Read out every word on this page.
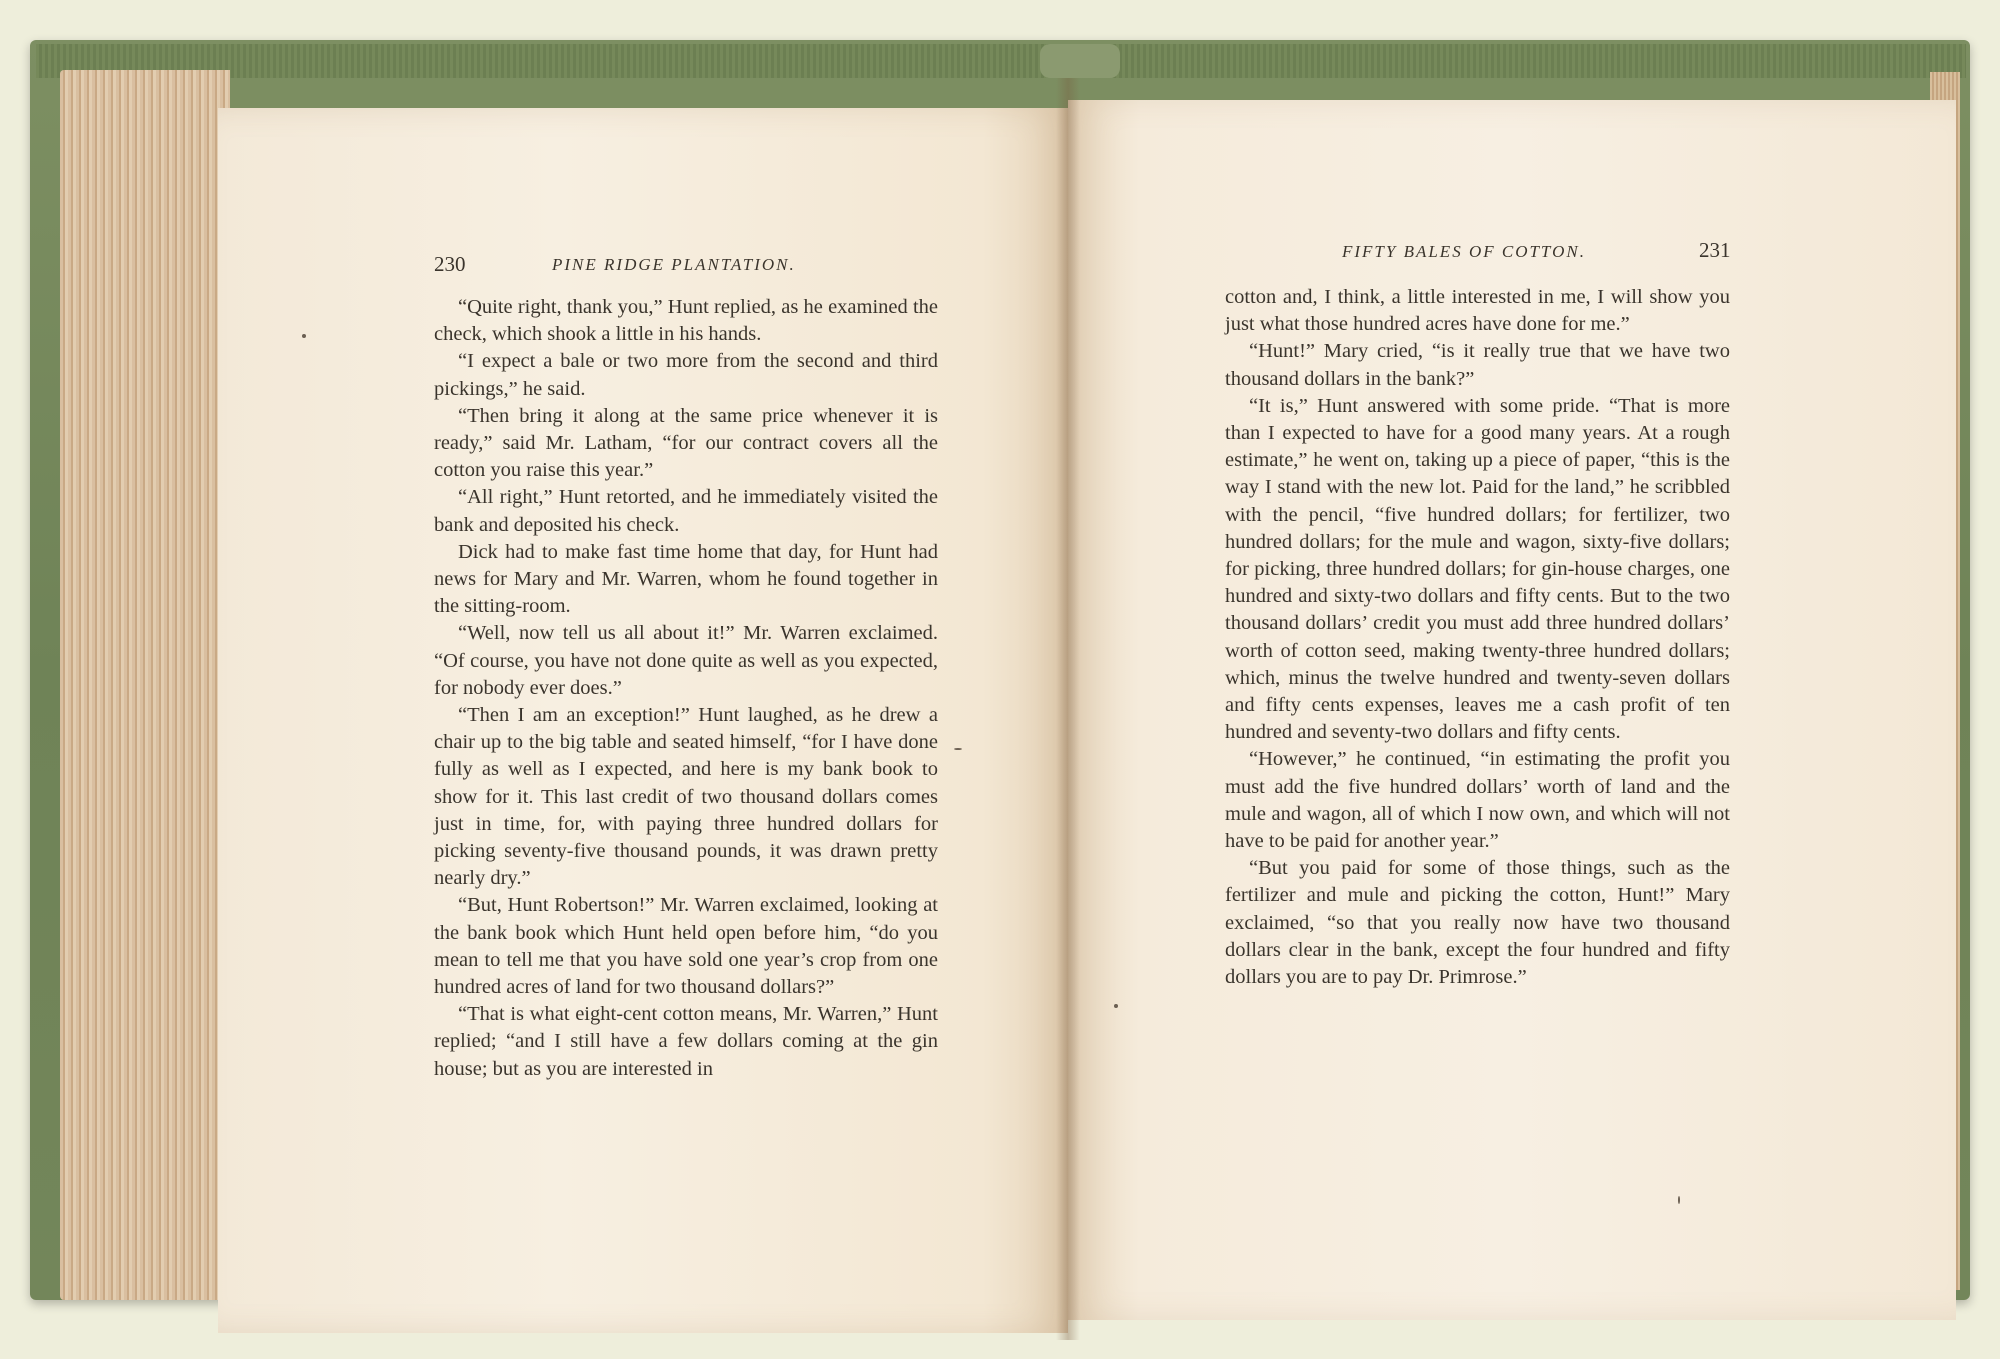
230	PINE RIDGE PLANTATION.

“Quite right, thank you,” Hunt replied, as he examined the check, which shook a little in his hands.

“I expect a bale or two more from the second and third pickings,” he said.

“Then bring it along at the same price whenever it is ready,” said Mr. Latham, “for our contract covers all the cotton you raise this year.”

“All right,” Hunt retorted, and he immediately visited the bank and deposited his check.

Dick had to make fast time home that day, for Hunt had news for Mary and Mr. Warren, whom he found together in the sitting-room.

“Well, now tell us all about it!” Mr. Warren exclaimed. “Of course, you have not done quite as well as you expected, for nobody ever does.”

“Then I am an exception!” Hunt laughed, as he drew a chair up to the big table and seated himself, “for I have done fully as well as I expected, and here is my bank book to show for it. This last credit of two thousand dollars comes just in time, for, with paying three hundred dollars for picking seventy-five thousand pounds, it was drawn pretty nearly dry.”

“But, Hunt Robertson!” Mr. Warren exclaimed, looking at the bank book which Hunt held open before him, “do you mean to tell me that you have sold one year’s crop from one hundred acres of land for two thousand dollars?”

“That is what eight-cent cotton means, Mr. Warren,” Hunt replied; “and I still have a few dollars coming at the gin house; but as you are interested in

FIFTY BALES OF COTTON.	231

cotton and, I think, a little interested in me, I will show you just what those hundred acres have done for me.”

“Hunt!” Mary cried, “is it really true that we have two thousand dollars in the bank?”

“It is,” Hunt answered with some pride. “That is more than I expected to have for a good many years. At a rough estimate,” he went on, taking up a piece of paper, “this is the way I stand with the new lot. Paid for the land,” he scribbled with the pencil, “five hundred dollars; for fertilizer, two hundred dollars; for the mule and wagon, sixty-five dollars; for picking, three hundred dollars; for gin-house charges, one hundred and sixty-two dollars and fifty cents. But to the two thousand dollars’ credit you must add three hundred dollars’ worth of cotton seed, making twenty-three hundred dollars; which, minus the twelve hundred and twenty-seven dollars and fifty cents expenses, leaves me a cash profit of ten hundred and seventy-two dollars and fifty cents.

“However,” he continued, “in estimating the profit you must add the five hundred dollars’ worth of land and the mule and wagon, all of which I now own, and which will not have to be paid for another year.”

“But you paid for some of those things, such as the fertilizer and mule and picking the cotton, Hunt!” Mary exclaimed, “so that you really now have two thousand dollars clear in the bank, except the four hundred and fifty dollars you are to pay Dr. Primrose.”
